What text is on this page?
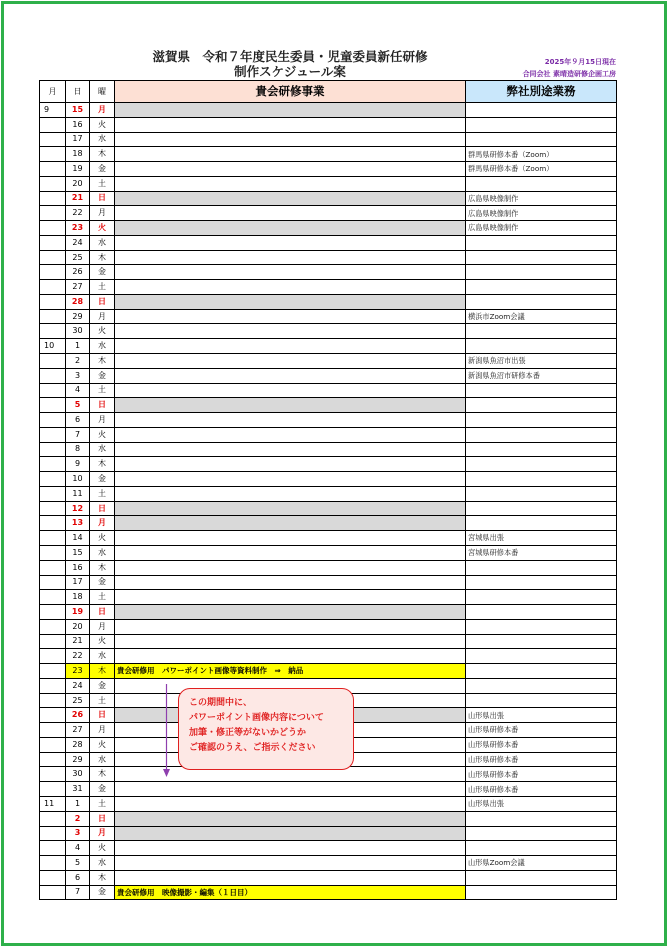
滋賀県　令和７年度民生委員・児童委員新任研修
制作スケジュール案
2025年９月15日現在
合同会社 素晴造研修企画工房
月	日	曜	貴会研修事業	弊社別途業務
9	15	月		
	16	火		
	17	水		
	18	木		群馬県研修本番（Zoom）
	19	金		群馬県研修本番（Zoom）
	20	土		
	21	日		広島県映像制作
	22	月		広島県映像制作
	23	火		広島県映像制作
	24	水		
	25	木		
	26	金		
	27	土		
	28	日		
	29	月		横浜市Zoom会議
	30	火		
10	1	水		
	2	木		新潟県魚沼市出張
	3	金		新潟県魚沼市研修本番
	4	土		
	5	日		
	6	月		
	7	火		
	8	水		
	9	木		
	10	金		
	11	土		
	12	日		
	13	月		
	14	火		宮城県出張
	15	水		宮城県研修本番
	16	木		
	17	金		
	18	土		
	19	日		
	20	月		
	21	火		
	22	水		
	23	木	貴会研修用　パワーポイント画像等資料制作　⇒　納品	
	24	金		
	25	土		
	26	日		山形県出張
	27	月		山形県研修本番
	28	火		山形県研修本番
	29	水		山形県研修本番
	30	木		山形県研修本番
	31	金		山形県研修本番
11	1	土		山形県出張
	2	日		
	3	月		
	4	火		
	5	水		山形県Zoom会議
	6	木		
	7	金	貴会研修用　映像撮影・編集（１日目）	
この期間中に、
パワーポイント画像内容について
加筆・修正等がないかどうか
ご確認のうえ、ご指示ください
